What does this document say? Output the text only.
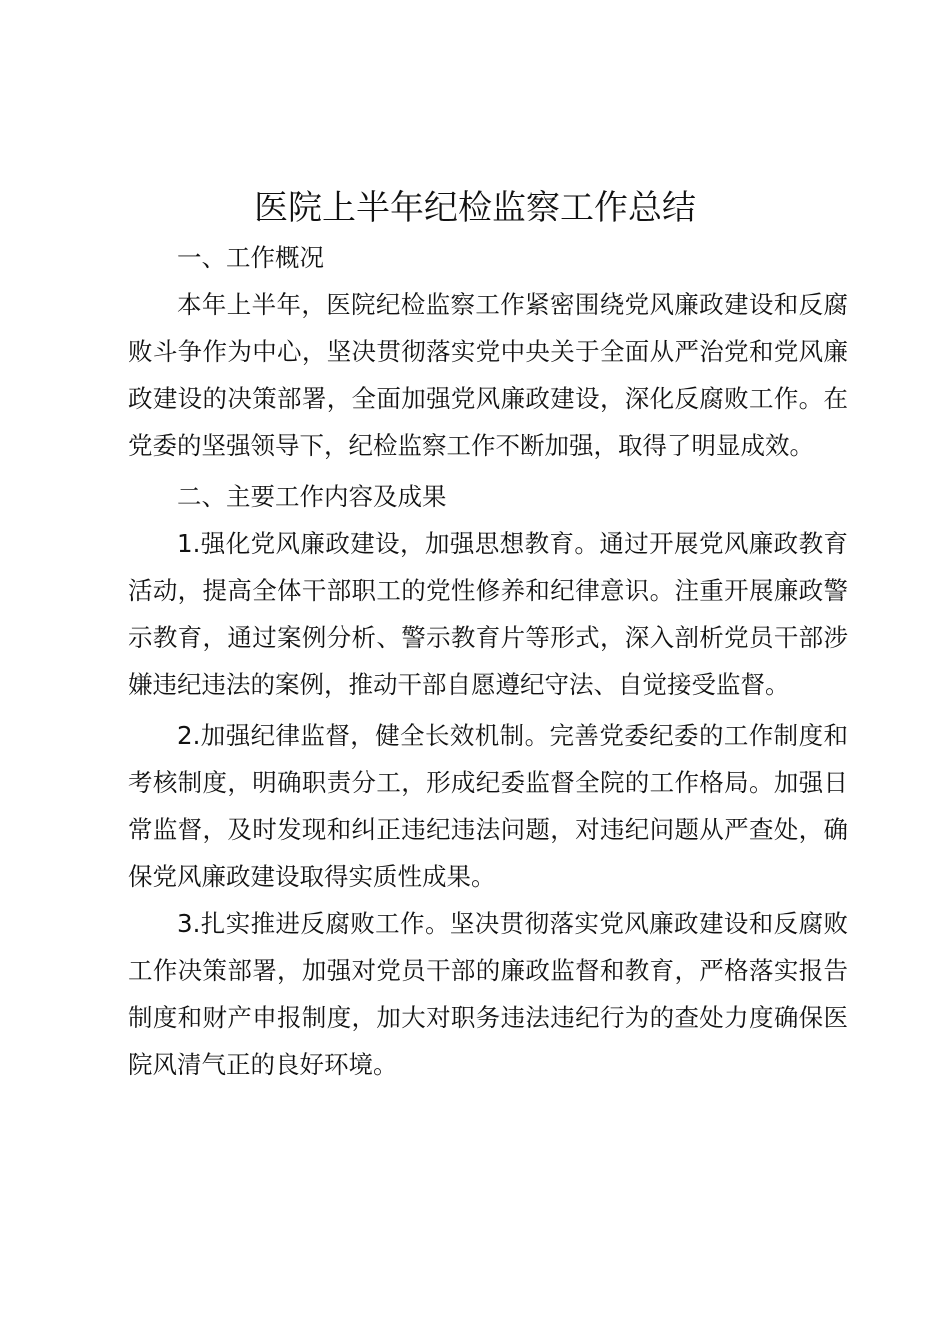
医院上半年纪检监察工作总结

一、工作概况

本年上半年，医院纪检监察工作紧密围绕党风廉政建设和反腐败斗争作为中心，坚决贯彻落实党中央关于全面从严治党和党风廉政建设的决策部署，全面加强党风廉政建设，深化反腐败工作。在党委的坚强领导下，纪检监察工作不断加强，取得了明显成效。

二、主要工作内容及成果

1.强化党风廉政建设，加强思想教育。通过开展党风廉政教育活动，提高全体干部职工的党性修养和纪律意识。注重开展廉政警示教育，通过案例分析、警示教育片等形式，深入剖析党员干部涉嫌违纪违法的案例，推动干部自愿遵纪守法、自觉接受监督。

2.加强纪律监督，健全长效机制。完善党委纪委的工作制度和考核制度，明确职责分工，形成纪委监督全院的工作格局。加强日常监督，及时发现和纠正违纪违法问题，对违纪问题从严查处，确保党风廉政建设取得实质性成果。

3.扎实推进反腐败工作。坚决贯彻落实党风廉政建设和反腐败工作决策部署，加强对党员干部的廉政监督和教育，严格落实报告制度和财产申报制度，加大对职务违法违纪行为的查处力度确保医院风清气正的良好环境。
